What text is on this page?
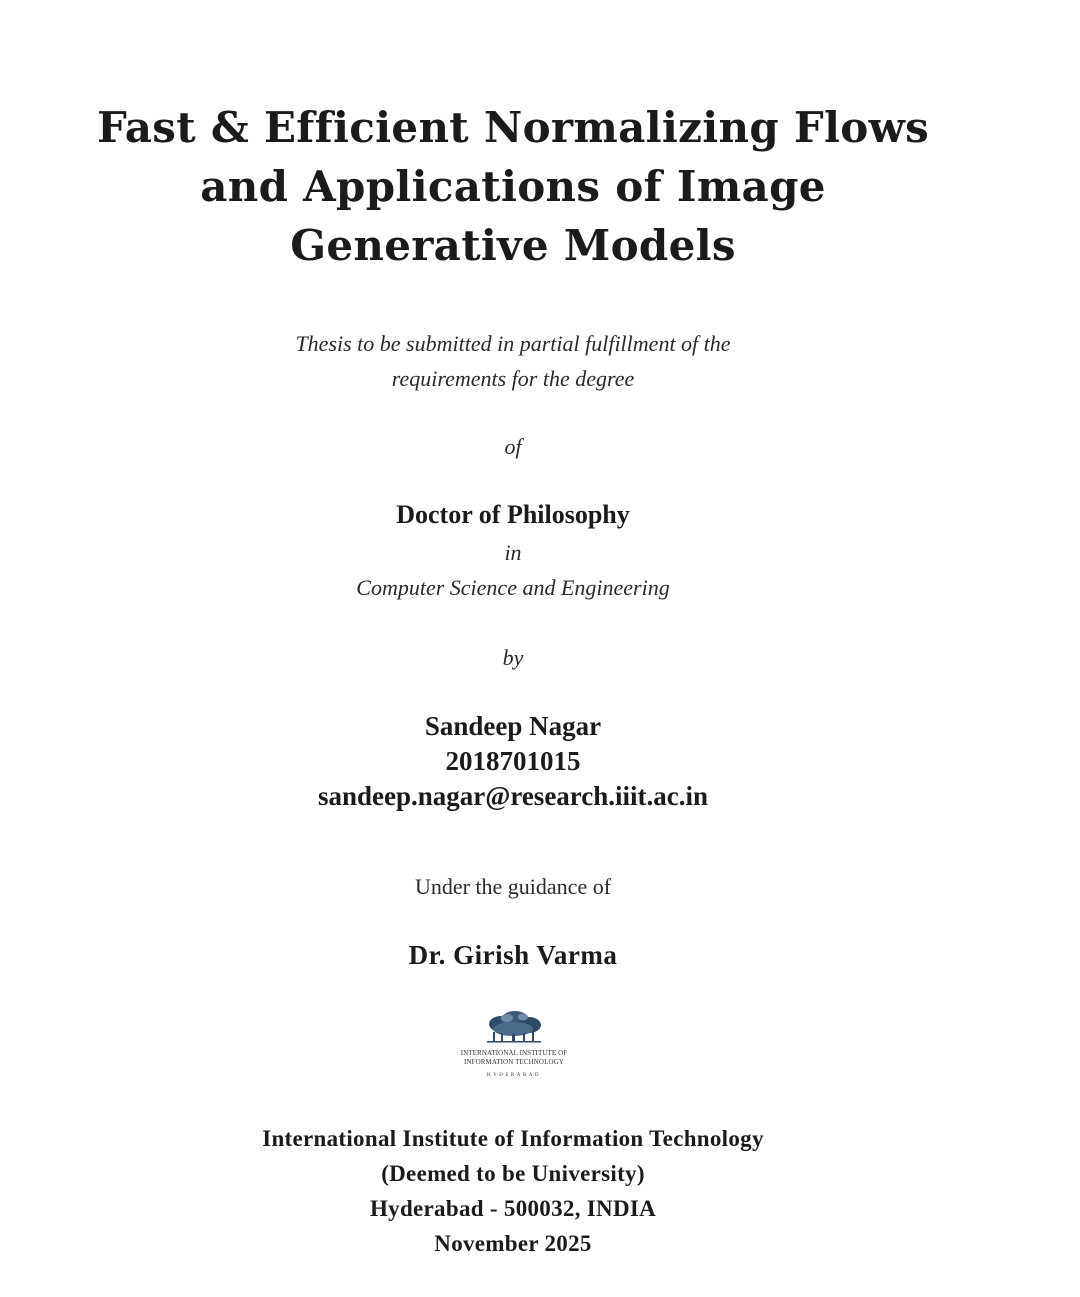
Fast & Efficient Normalizing Flows
and Applications of Image
Generative Models
Thesis to be submitted in partial fulfillment of the
requirements for the degree
of
Doctor of Philosophy
in
Computer Science and Engineering
by
Sandeep Nagar
2018701015
sandeep.nagar@research.iiit.ac.in
Under the guidance of
Dr. Girish Varma
INTERNATIONAL INSTITUTE OF
INFORMATION TECHNOLOGY
HYDERABAD
International Institute of Information Technology
(Deemed to be University)
Hyderabad - 500032, INDIA
November 2025
